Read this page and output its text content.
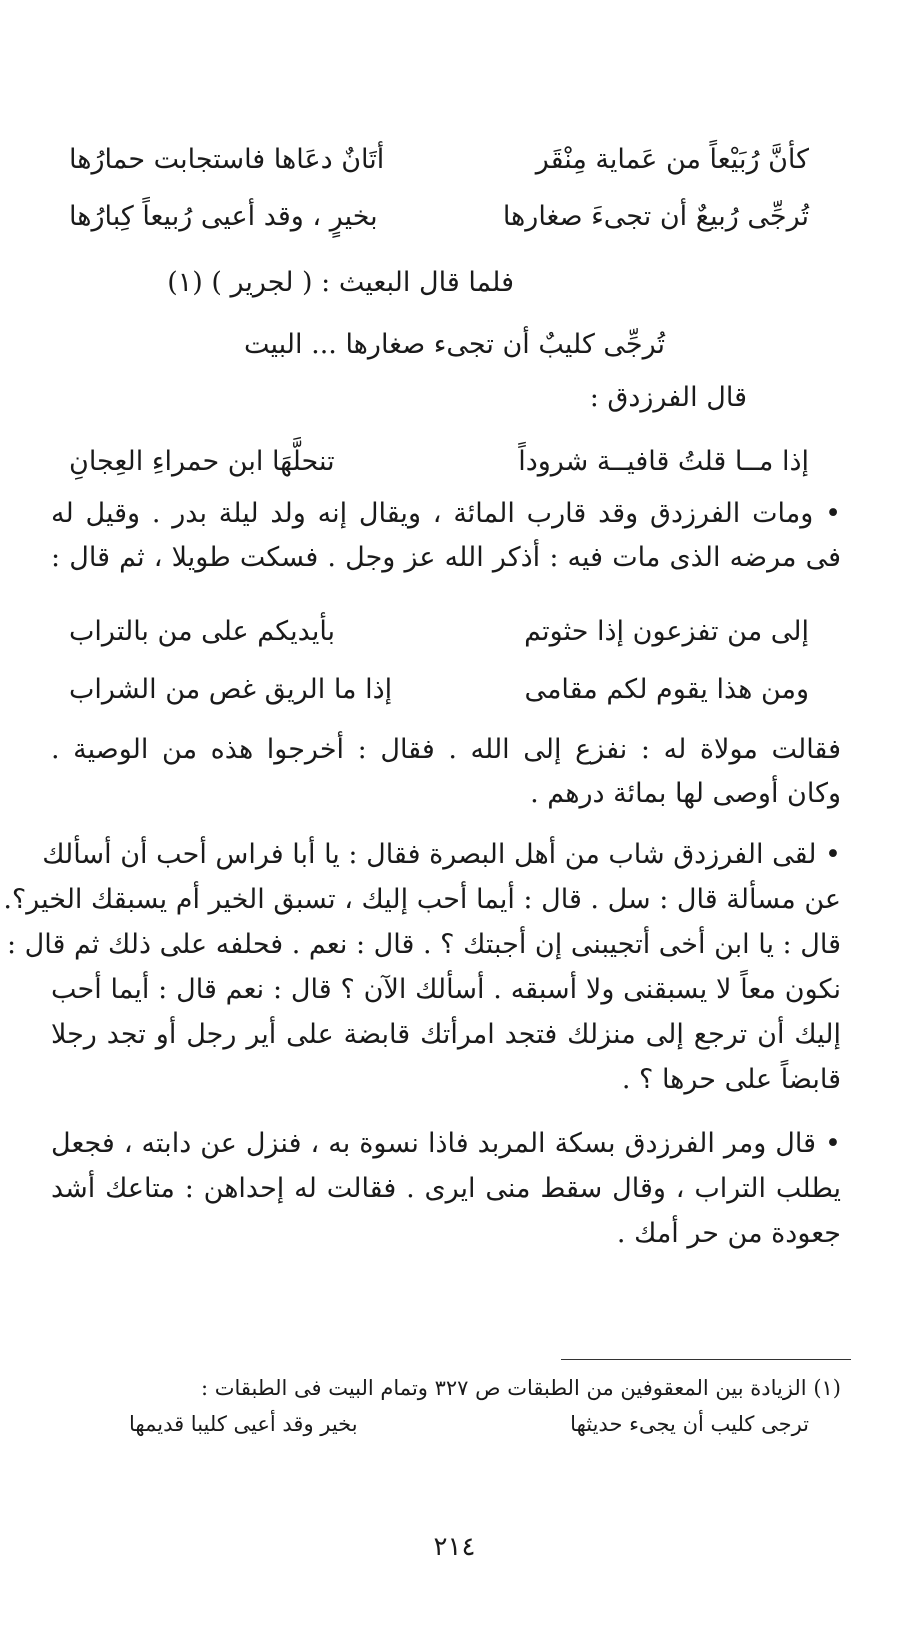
كأنَّ رُبَيْعاً من عَماية مِنْقَر
أتَانٌ دعَاها فاستجابت حمارُها
تُرجِّى رُبيعٌ أن تجىءَ صغارها
بخيرٍ ، وقد أعيى رُبيعاً كِبارُها
فلما قال البعيث : ( لجرير ) (١)
تُرجِّى كليبٌ أن تجىء صغارها ... البيت
قال الفرزدق :
إذا مــا قلتُ قافيــة شروداً
تنحلَّهَا ابن حمراءِ العِجانِ
• ومات الفرزدق وقد قارب المائة ، ويقال إنه ولد ليلة بدر . وقيل له
فى مرضه الذى مات فيه : أذكر الله عز وجل . فسكت طويلا ، ثم قال :
إلى من تفزعون إذا حثوتم
بأيديكم على من بالتراب
ومن هذا يقوم لكم مقامى
إذا ما الريق غص من الشراب
فقالت مولاة له : نفزع إلى الله . فقال : أخرجوا هذه من الوصية .
وكان أوصى لها بمائة درهم .
• لقى الفرزدق شاب من أهل البصرة فقال : يا أبا فراس أحب أن أسألك
عن مسألة قال : سل . قال : أيما أحب إليك ، تسبق الخير أم يسبقك الخير؟.
قال : يا ابن أخى أتجيبنى إن أجبتك ؟ . قال : نعم . فحلفه على ذلك ثم قال :
نكون معاً لا يسبقنى ولا أسبقه . أسألك الآن ؟ قال : نعم قال : أيما أحب
إليك أن ترجع إلى منزلك فتجد امرأتك قابضة على أير رجل أو تجد رجلا
قابضاً على حرها ؟ .
• قال ومر الفرزدق بسكة المربد فاذا نسوة به ، فنزل عن دابته ، فجعل
يطلب التراب ، وقال سقط منى ايرى . فقالت له إحداهن : متاعك أشد
جعودة من حر أمك .
(١) الزيادة بين المعقوفين من الطبقات ص ٣٢٧ وتمام البيت فى الطبقات :
ترجى كليب أن يجىء حديثها
بخير وقد أعيى كليبا قديمها
٢١٤
